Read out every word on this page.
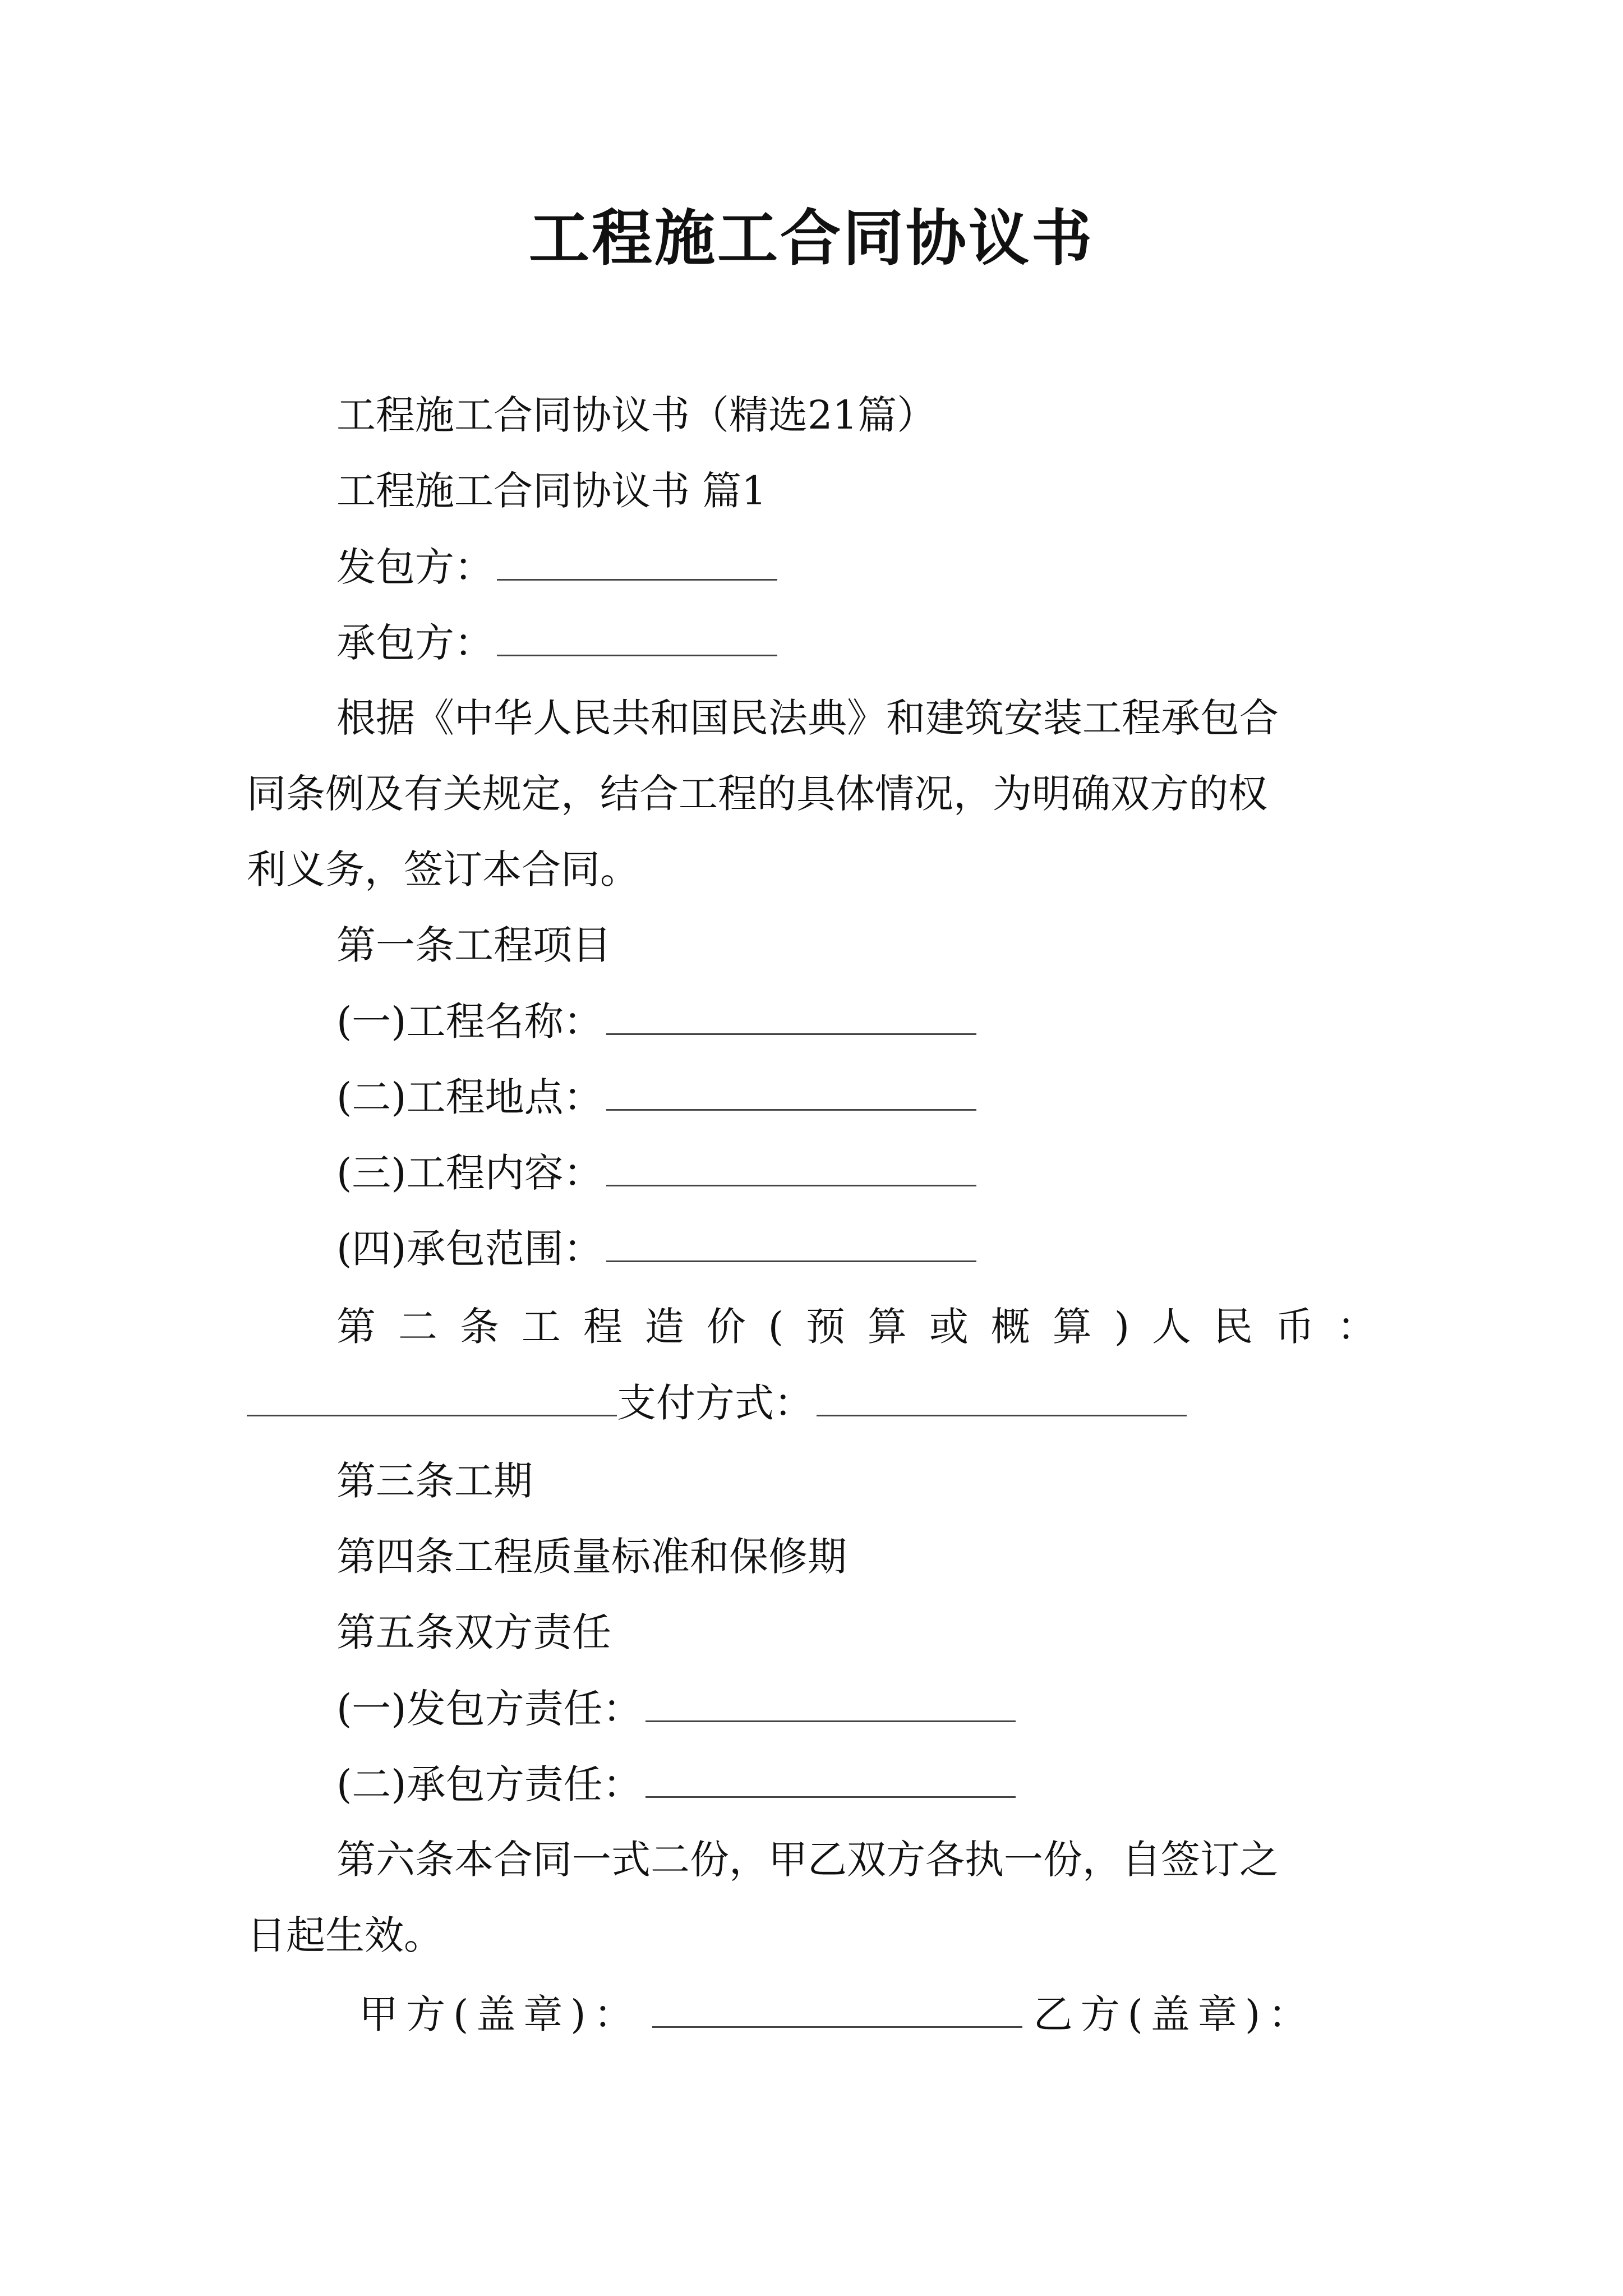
工程施工合同协议书
工程施工合同协议书（精选21篇）
工程施工合同协议书 篇1
发包方：
承包方：
根据《中华人民共和国民法典》和建筑安装工程承包合
同条例及有关规定，结合工程的具体情况，为明确双方的权
利义务，签订本合同。
第一条工程项目
(一)工程名称：
(二)工程地点：
(三)工程内容：
(四)承包范围：
第 二 条 工 程 造 价 ( 预 算 或 概 算 ) 人 民 币 ：
支付方式：
第三条工期
第四条工程质量标准和保修期
第五条双方责任
(一)发包方责任：
(二)承包方责任：
第六条本合同一式二份，甲乙双方各执一份，自签订之
日起生效。
甲方(盖章)：	乙方(盖章)：
